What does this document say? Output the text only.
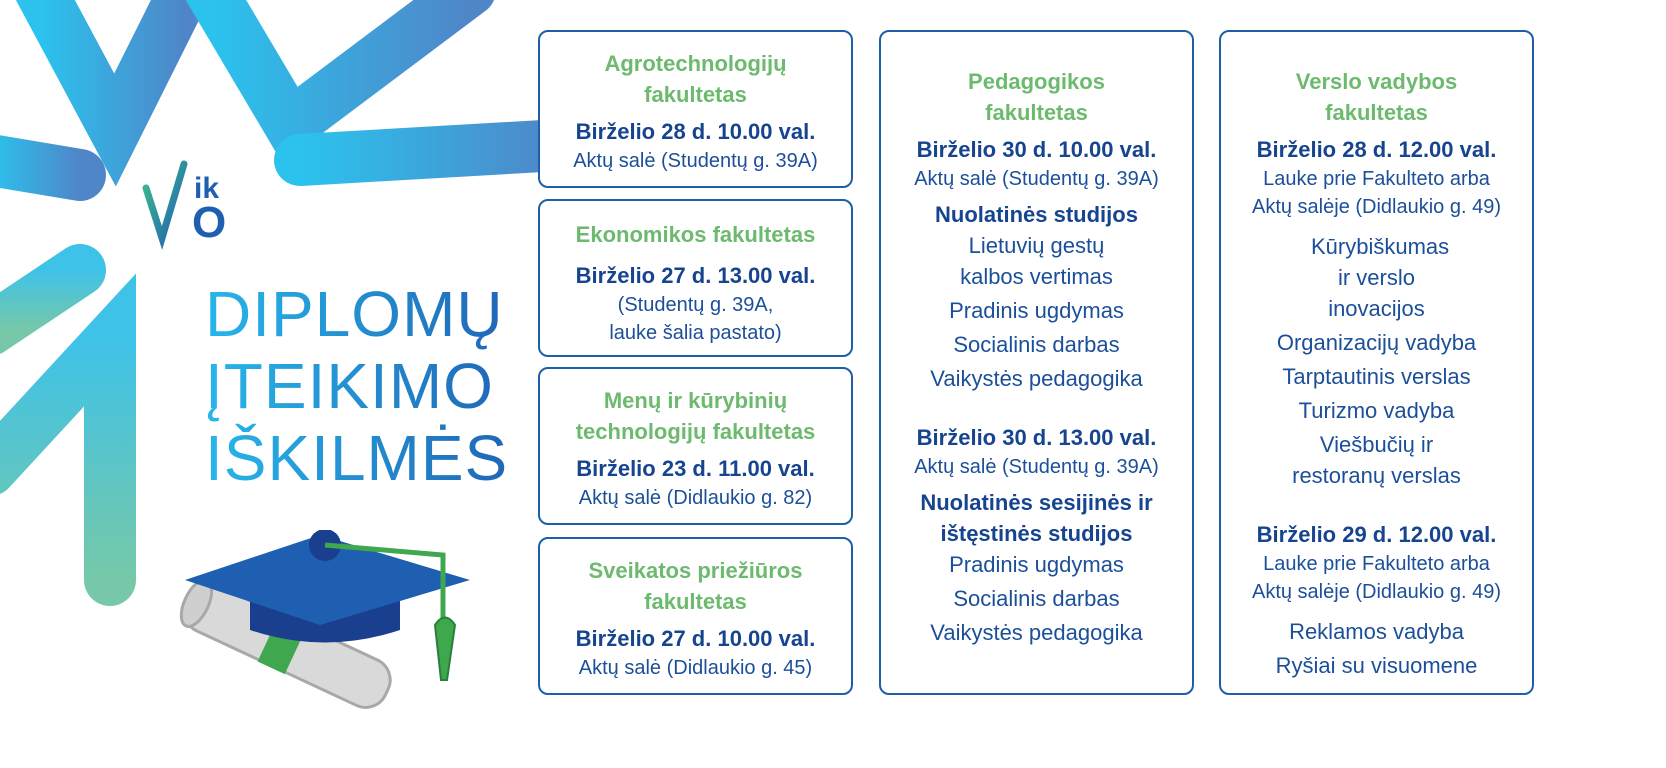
ik
O
DIPLOMŲ
ĮTEIKIMO
IŠKILMĖS
Agrotechnologijų fakultetas
Birželio 28 d. 10.00 val.
Aktų salė (Studentų g. 39A)
Ekonomikos fakultetas
Birželio 27 d. 13.00 val.
(Studentų g. 39A,
lauke šalia pastato)
Menų ir kūrybinių technologijų fakultetas
Birželio 23 d. 11.00 val.
Aktų salė (Didlaukio g. 82)
Sveikatos priežiūros fakultetas
Birželio 27 d. 10.00 val.
Aktų salė (Didlaukio g. 45)
Pedagogikos fakultetas
Birželio 30 d. 10.00 val.
Aktų salė (Studentų g. 39A)
Nuolatinės studijos
Lietuvių gestų kalbos vertimas
Pradinis ugdymas
Socialinis darbas
Vaikystės pedagogika
Birželio 30 d. 13.00 val.
Aktų salė (Studentų g. 39A)
Nuolatinės sesijinės ir ištęstinės studijos
Pradinis ugdymas
Socialinis darbas
Vaikystės pedagogika
Verslo vadybos fakultetas
Birželio 28 d. 12.00 val.
Lauke prie Fakulteto arba
Aktų salėje (Didlaukio g. 49)
Kūrybiškumas ir verslo inovacijos
Organizacijų vadyba
Tarptautinis verslas
Turizmo vadyba
Viešbučių ir restoranų verslas
Birželio 29 d. 12.00 val.
Lauke prie Fakulteto arba
Aktų salėje (Didlaukio g. 49)
Reklamos vadyba
Ryšiai su visuomene
